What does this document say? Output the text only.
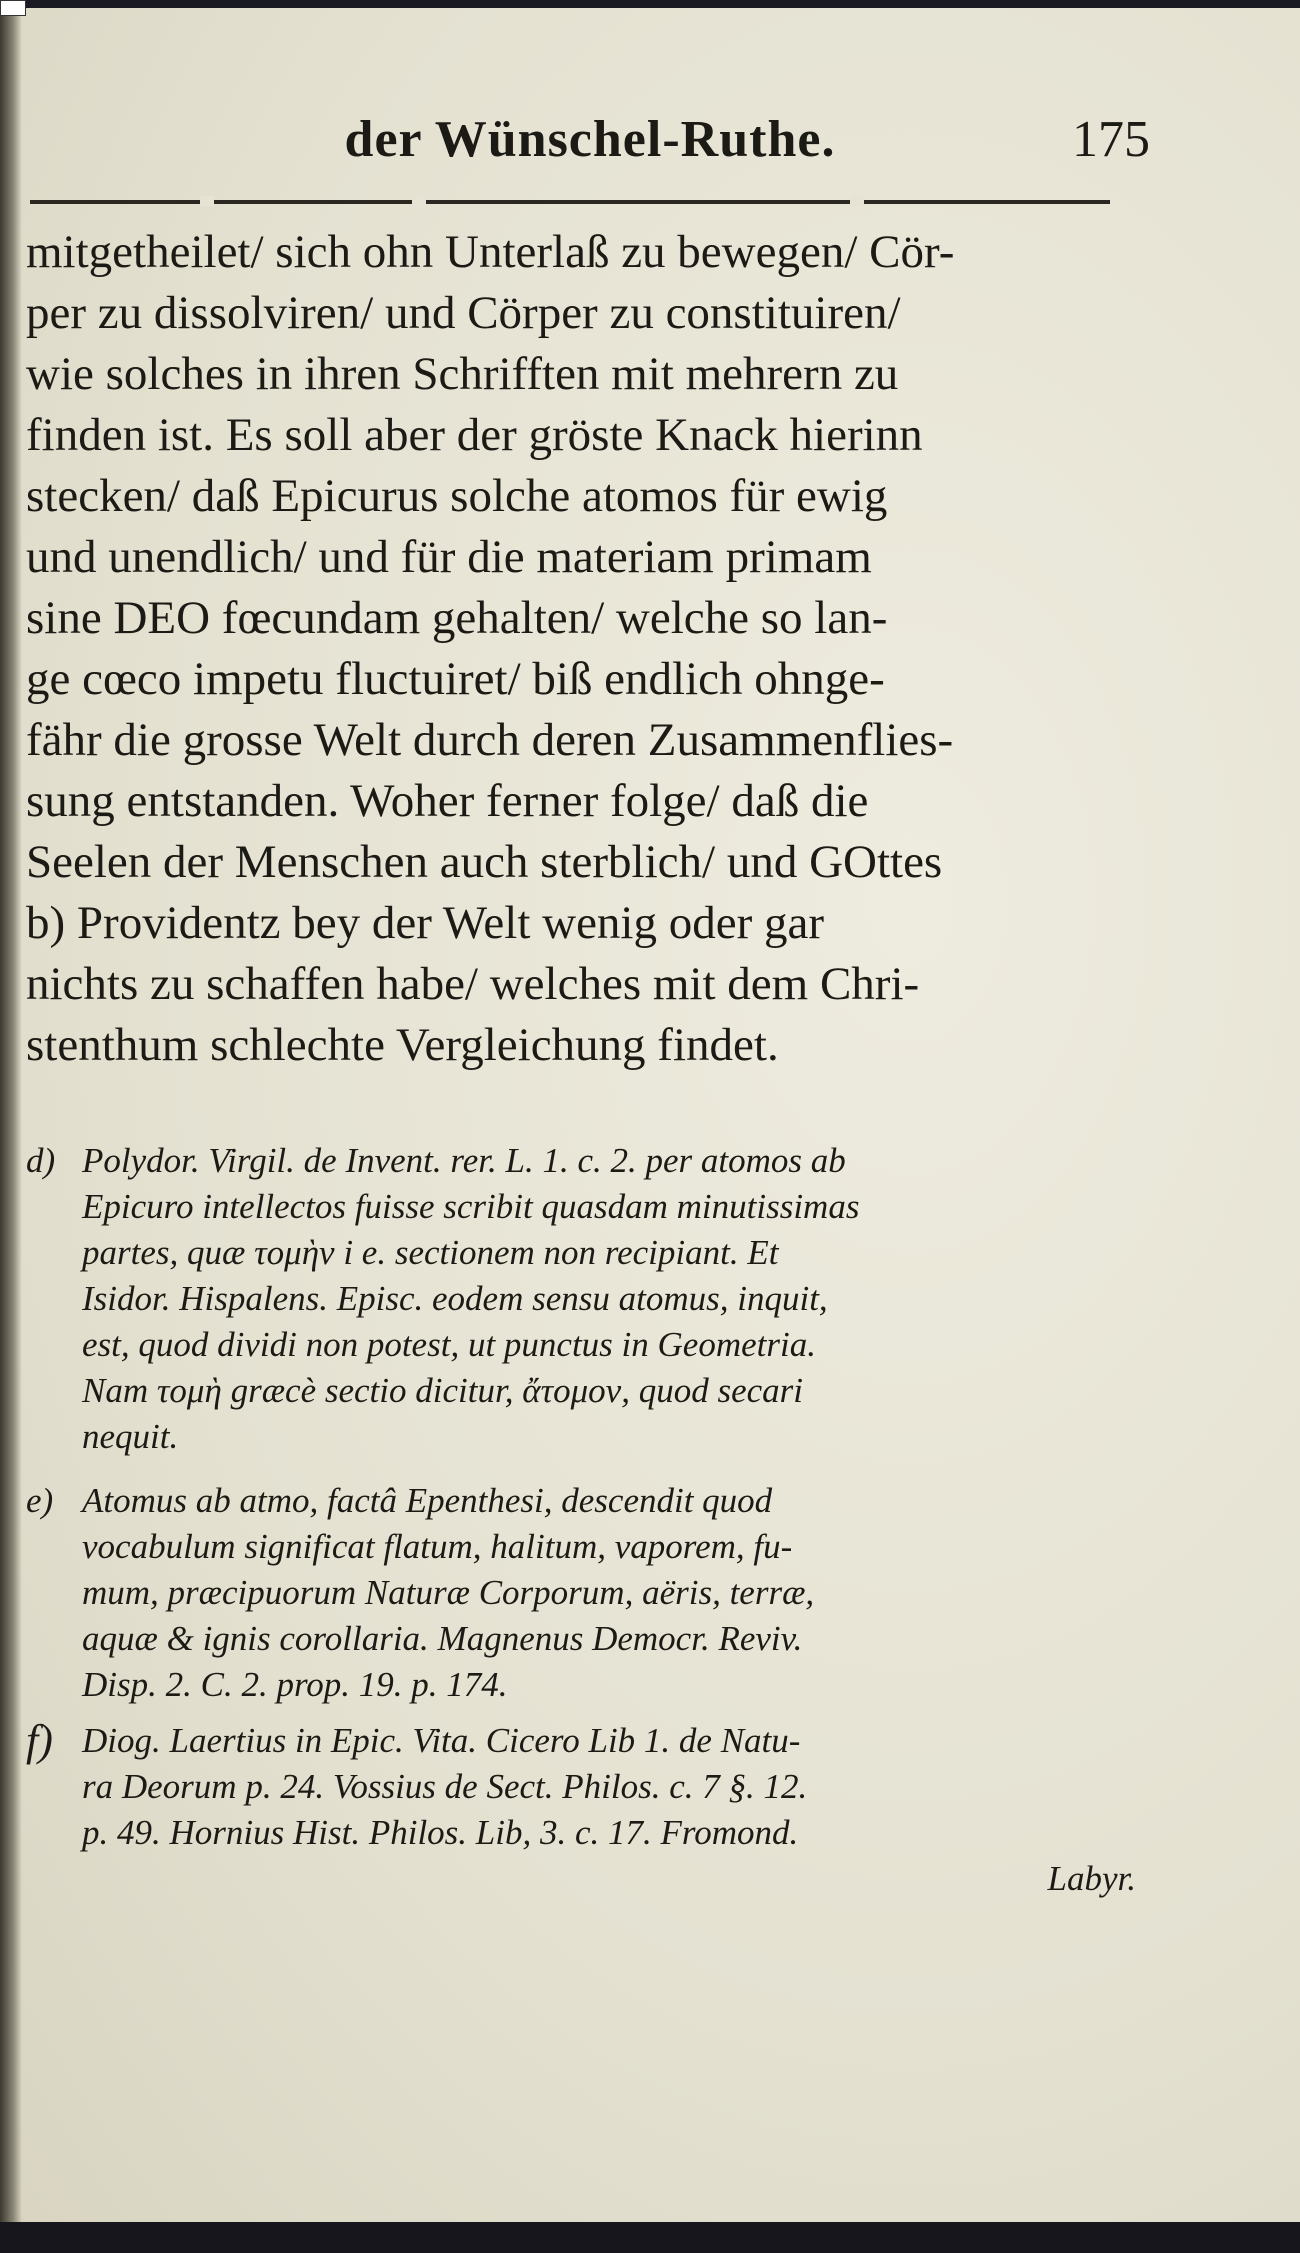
der Wünschel-Ruthe.	175
mitgetheilet/ sich ohn Unterlaß zu bewegen/ Cör-
per zu dissolviren/ und Cörper zu constituiren/
wie solches in ihren Schrifften mit mehrern zu
finden ist. Es soll aber der gröste Knack hierinn
stecken/ daß Epicurus solche atomos für ewig
und unendlich/ und für die materiam primam
sine DEO fœcundam gehalten/ welche so lan-
ge cœco impetu fluctuiret/ biß endlich ohnge-
fähr die grosse Welt durch deren Zusammenflies-
sung entstanden. Woher ferner folge/ daß die
Seelen der Menschen auch sterblich/ und GOttes
b) Providentz bey der Welt wenig oder gar
nichts zu schaffen habe/ welches mit dem Chri-
stenthum schlechte Vergleichung findet.
d) Polydor. Virgil. de Invent. rer. L. 1. c. 2. per atomos ab
Epicuro intellectos fuisse scribit quasdam minutissimas
partes, quæ τομὴν i e. sectionem non recipiant. Et
Isidor. Hispalens. Episc. eodem sensu atomus, inquit,
est, quod dividi non potest, ut punctus in Geometria.
Nam τομὴ græcè sectio dicitur, ἄτομον, quod secari
nequit.
e) Atomus ab atmo, factâ Epenthesi, descendit quod
vocabulum significat flatum, halitum, vaporem, fu-
mum, præcipuorum Naturæ Corporum, aëris, terræ,
aquæ & ignis corollaria. Magnenus Democr. Reviv.
Disp. 2. C. 2. prop. 19. p. 174.
f) Diog. Laertius in Epic. Vita. Cicero Lib 1. de Natu-
ra Deorum p. 24. Vossius de Sect. Philos. c. 7 §. 12.
p. 49. Hornius Hist. Philos. Lib, 3. c. 17. Fromond.
Labyr.
